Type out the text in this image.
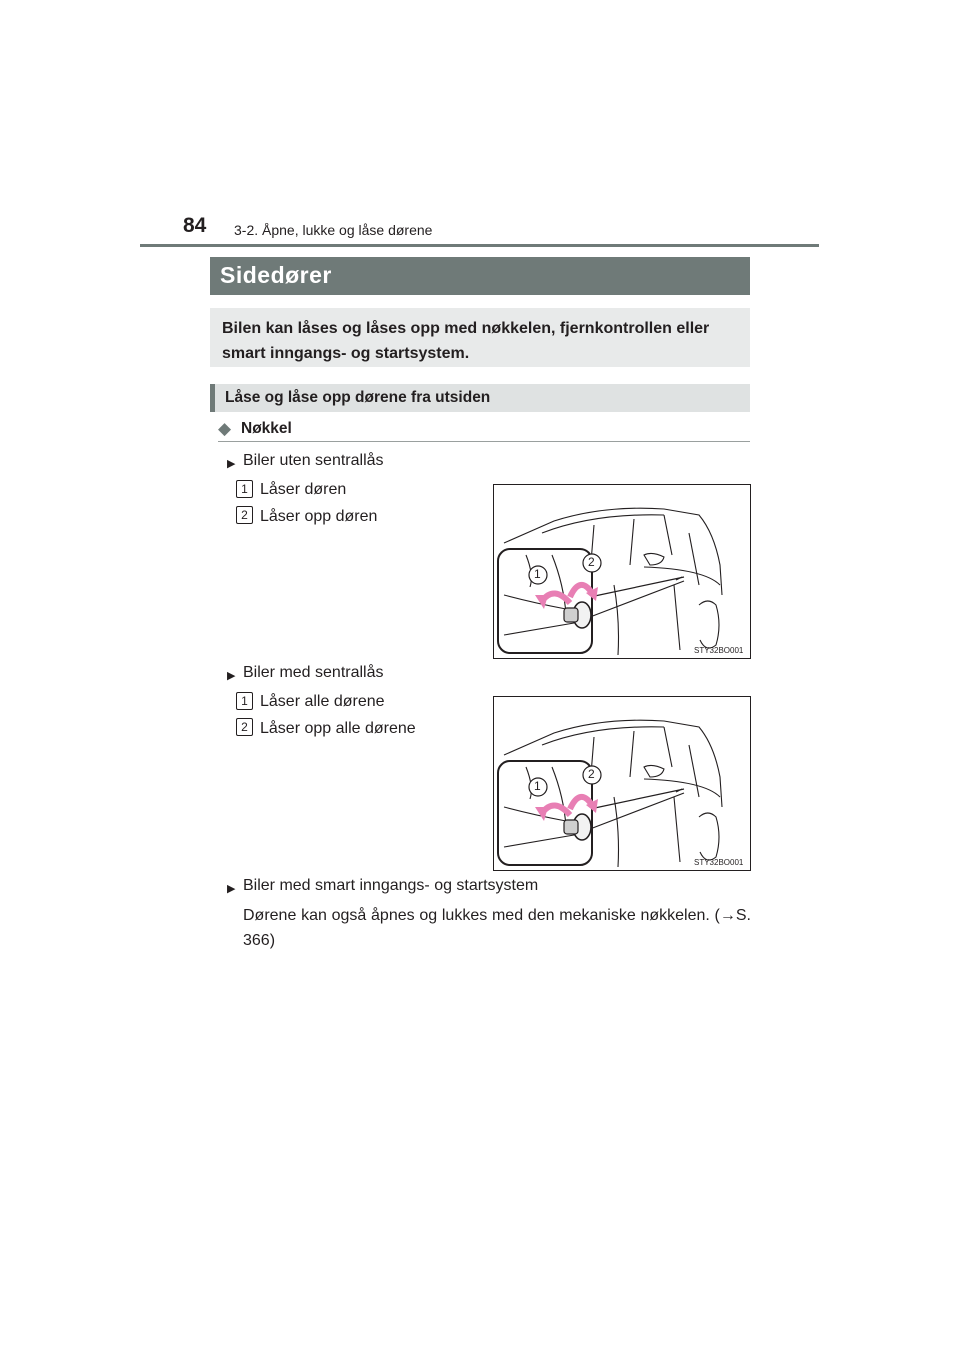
84 3-2. Åpne, lukke og låse dørene
Sidedører
Bilen kan låses og låses opp med nøkkelen, fjernkontrollen eller smart inngangs- og startsystem.
Låse og låse opp dørene fra utsiden
◆ Nøkkel
▶ Biler uten sentrallås
1 Låser døren
2 Låser opp døren
1
2
STY32BO001
▶ Biler med sentrallås
1 Låser alle dørene
2 Låser opp alle dørene
1
2
STY32BO001
▶ Biler med smart inngangs- og startsystem
Dørene kan også åpnes og lukkes med den mekaniske nøkkelen. (→S. 366)
